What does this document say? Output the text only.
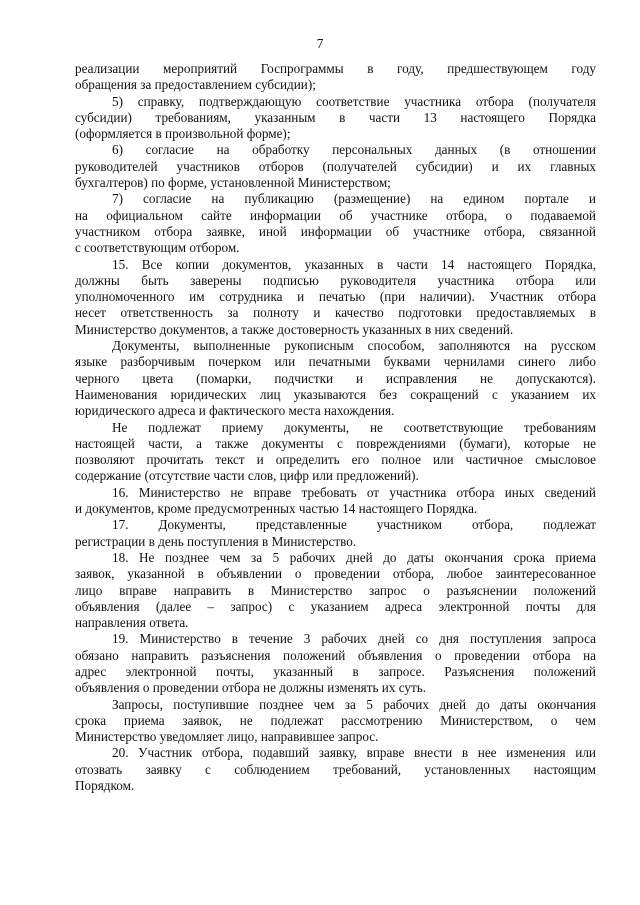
7

реализации мероприятий Госпрограммы в году, предшествующем году
обращения за предоставлением субсидии);

5) справку, подтверждающую соответствие участника отбора (получателя
субсидии) требованиям, указанным в части 13 настоящего Порядка
(оформляется в произвольной форме);

6) согласие на обработку персональных данных (в отношении
руководителей участников отборов (получателей субсидии) и их главных
бухгалтеров) по форме, установленной Министерством;

7) согласие на публикацию (размещение) на едином портале и
на официальном сайте информации об участнике отбора, о подаваемой
участником отбора заявке, иной информации об участнике отбора, связанной
с соответствующим отбором.

15. Все копии документов, указанных в части 14 настоящего Порядка,
должны быть заверены подписью руководителя участника отбора или
уполномоченного им сотрудника и печатью (при наличии). Участник отбора
несет ответственность за полноту и качество подготовки предоставляемых в
Министерство документов, а также достоверность указанных в них сведений.

Документы, выполненные рукописным способом, заполняются на русском
языке разборчивым почерком или печатными буквами чернилами синего либо
черного цвета (помарки, подчистки и исправления не допускаются).
Наименования юридических лиц указываются без сокращений с указанием их
юридического адреса и фактического места нахождения.

Не подлежат приему документы, не соответствующие требованиям
настоящей части, а также документы с повреждениями (бумаги), которые не
позволяют прочитать текст и определить его полное или частичное смысловое
содержание (отсутствие части слов, цифр или предложений).

16. Министерство не вправе требовать от участника отбора иных сведений
и документов, кроме предусмотренных частью 14 настоящего Порядка.

17. Документы, представленные участником отбора, подлежат
регистрации в день поступления в Министерство.

18. Не позднее чем за 5 рабочих дней до даты окончания срока приема
заявок, указанной в объявлении о проведении отбора, любое заинтересованное
лицо вправе направить в Министерство запрос о разъяснении положений
объявления (далее – запрос) с указанием адреса электронной почты для
направления ответа.

19. Министерство в течение 3 рабочих дней со дня поступления запроса
обязано направить разъяснения положений объявления о проведении отбора на
адрес электронной почты, указанный в запросе. Разъяснения положений
объявления о проведении отбора не должны изменять их суть.

Запросы, поступившие позднее чем за 5 рабочих дней до даты окончания
срока приема заявок, не подлежат рассмотрению Министерством, о чем
Министерство уведомляет лицо, направившее запрос.

20. Участник отбора, подавший заявку, вправе внести в нее изменения или
отозвать заявку с соблюдением требований, установленных настоящим
Порядком.
